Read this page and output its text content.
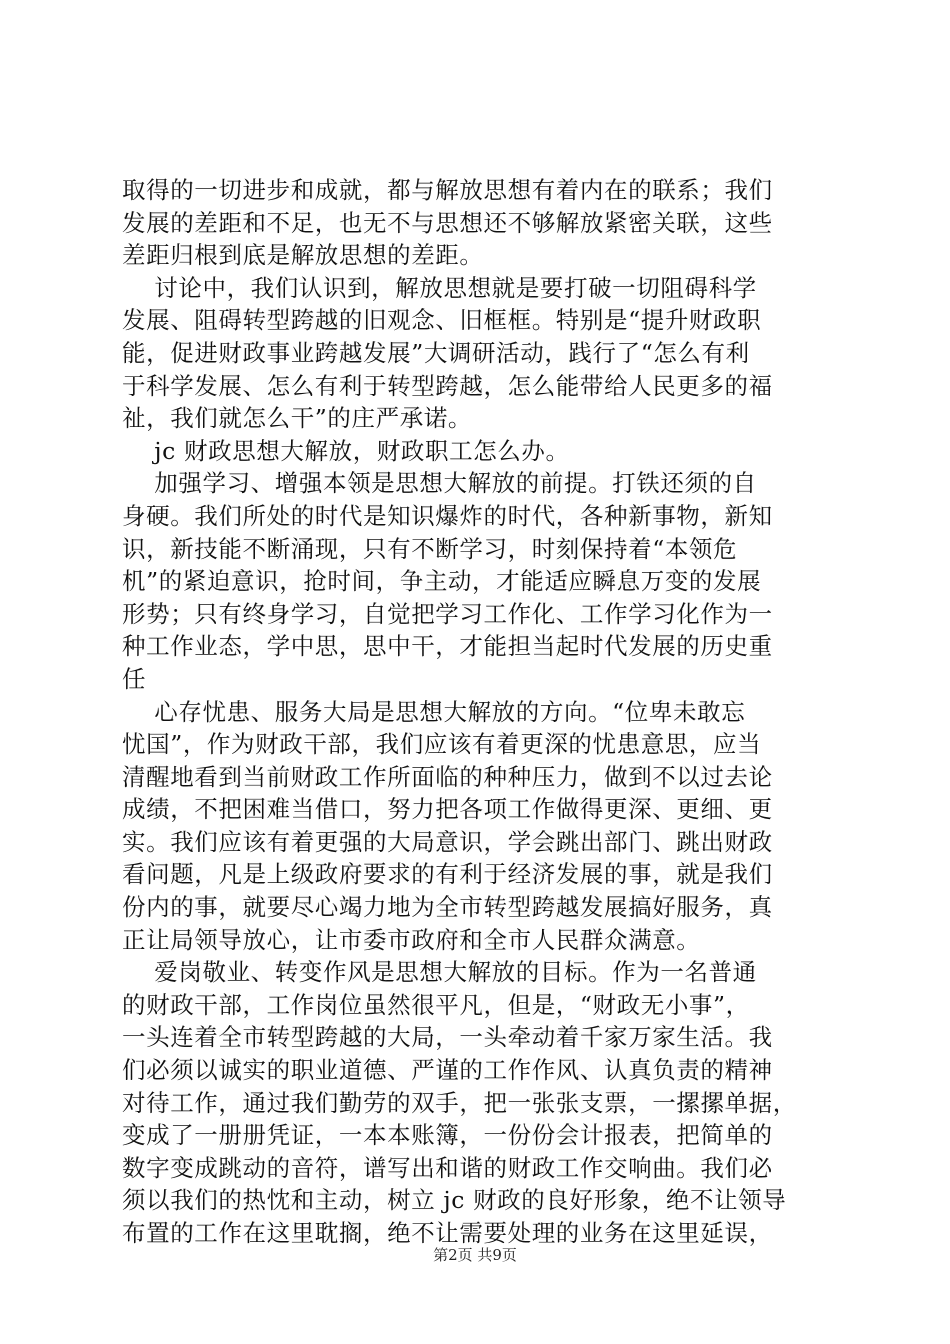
取得的一切进步和成就，都与解放思想有着内在的联系；我们
发展的差距和不足，也无不与思想还不够解放紧密关联，这些
差距归根到底是解放思想的差距。
讨论中，我们认识到，解放思想就是要打破一切阻碍科学
发展、阻碍转型跨越的旧观念、旧框框。特别是“提升财政职
能，促进财政事业跨越发展”大调研活动，践行了“怎么有利
于科学发展、怎么有利于转型跨越，怎么能带给人民更多的福
祉，我们就怎么干”的庄严承诺。
jc 财政思想大解放，财政职工怎么办。
加强学习、增强本领是思想大解放的前提。打铁还须的自
身硬。我们所处的时代是知识爆炸的时代，各种新事物，新知
识，新技能不断涌现，只有不断学习，时刻保持着“本领危
机”的紧迫意识，抢时间，争主动，才能适应瞬息万变的发展
形势；只有终身学习，自觉把学习工作化、工作学习化作为一
种工作业态，学中思，思中干，才能担当起时代发展的历史重
任
心存忧患、服务大局是思想大解放的方向。“位卑未敢忘
忧国”，作为财政干部，我们应该有着更深的忧患意思，应当
清醒地看到当前财政工作所面临的种种压力，做到不以过去论
成绩，不把困难当借口，努力把各项工作做得更深、更细、更
实。我们应该有着更强的大局意识，学会跳出部门、跳出财政
看问题，凡是上级政府要求的有利于经济发展的事，就是我们
份内的事，就要尽心竭力地为全市转型跨越发展搞好服务，真
正让局领导放心，让市委市政府和全市人民群众满意。
爱岗敬业、转变作风是思想大解放的目标。作为一名普通
的财政干部，工作岗位虽然很平凡，但是，“财政无小事”，
一头连着全市转型跨越的大局，一头牵动着千家万家生活。我
们必须以诚实的职业道德、严谨的工作作风、认真负责的精神
对待工作，通过我们勤劳的双手，把一张张支票，一摞摞单据，
变成了一册册凭证，一本本账簿，一份份会计报表，把简单的
数字变成跳动的音符，谱写出和谐的财政工作交响曲。我们必
须以我们的热忱和主动，树立 jc 财政的良好形象，绝不让领导
布置的工作在这里耽搁，绝不让需要处理的业务在这里延误，
第2页 共9页
